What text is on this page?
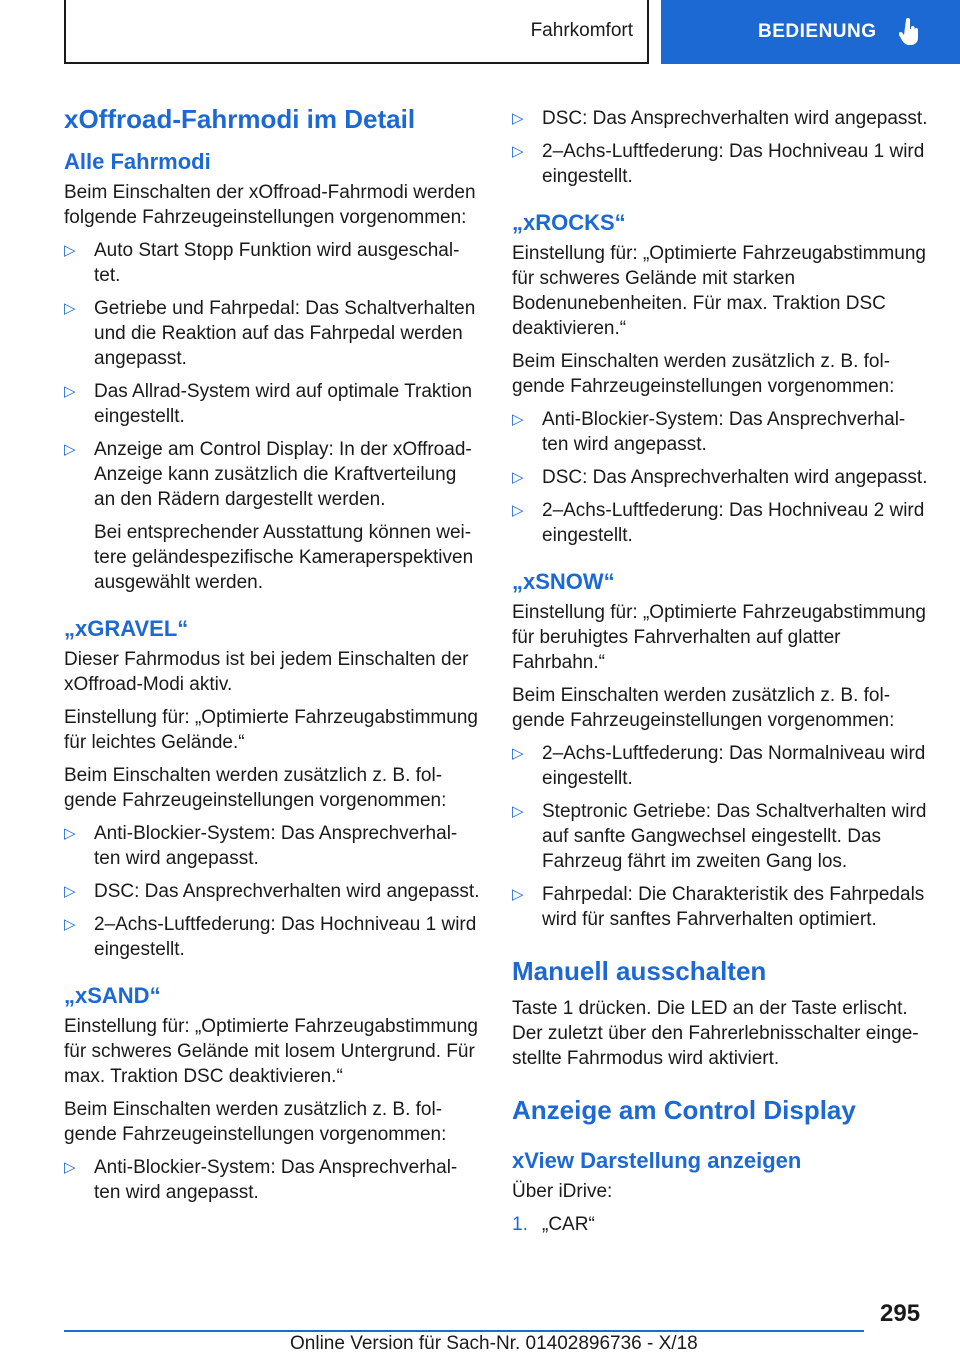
Fahrkomfort	BEDIENUNG
xOffroad-Fahrmodi im Detail
Alle Fahrmodi

Beim Einschalten der xOffroad-Fahrmodi werden folgende Fahrzeugeinstellungen vorgenommen:

▷ Auto Start Stopp Funktion wird ausgeschal-tet.
▷ Getriebe und Fahrpedal: Das Schaltverhalten und die Reaktion auf das Fahrpedal werden angepasst.
▷ Das Allrad-System wird auf optimale Traktion eingestellt.
▷ Anzeige am Control Display: In der xOffroad-Anzeige kann zusätzlich die Kraftverteilung an den Rädern dargestellt werden.

Bei entsprechender Ausstattung können wei-tere geländespezifische Kameraperspektiven ausgewählt werden.

„xGRAVEL“

Dieser Fahrmodus ist bei jedem Einschalten der xOffroad-Modi aktiv.

Einstellung für: „Optimierte Fahrzeugabstimmung für leichtes Gelände.“

Beim Einschalten werden zusätzlich z. B. fol-gende Fahrzeugeinstellungen vorgenommen:

▷ Anti-Blockier-System: Das Ansprechverhal-ten wird angepasst.
▷ DSC: Das Ansprechverhalten wird angepasst.
▷ 2–Achs-Luftfederung: Das Hochniveau 1 wird eingestellt.
„xSAND“

Einstellung für: „Optimierte Fahrzeugabstimmung für schweres Gelände mit losem Untergrund. Für max. Traktion DSC deaktivieren.“

Beim Einschalten werden zusätzlich z. B. fol-gende Fahrzeugeinstellungen vorgenommen:

▷ Anti-Blockier-System: Das Ansprechverhal-ten wird angepasst.
▷ DSC: Das Ansprechverhalten wird angepasst.
▷ 2–Achs-Luftfederung: Das Hochniveau 1 wird eingestellt.
„xROCKS“

Einstellung für: „Optimierte Fahrzeugabstimmung für schweres Gelände mit starken Bodenunebenheiten. Für max. Traktion DSC deaktivieren.“

Beim Einschalten werden zusätzlich z. B. fol-gende Fahrzeugeinstellungen vorgenommen:

▷ Anti-Blockier-System: Das Ansprechverhal-ten wird angepasst.
▷ DSC: Das Ansprechverhalten wird angepasst.
▷ 2–Achs-Luftfederung: Das Hochniveau 2 wird eingestellt.
„xSNOW“

Einstellung für: „Optimierte Fahrzeugabstimmung für beruhigtes Fahrverhalten auf glatter Fahrbahn.“

Beim Einschalten werden zusätzlich z. B. fol-gende Fahrzeugeinstellungen vorgenommen:

▷ 2–Achs-Luftfederung: Das Normalniveau wird eingestellt.
▷ Steptronic Getriebe: Das Schaltverhalten wird auf sanfte Gangwechsel eingestellt. Das Fahrzeug fährt im zweiten Gang los.
▷ Fahrpedal: Die Charakteristik des Fahrpedals wird für sanftes Fahrverhalten optimiert.
Manuell ausschalten

Taste 1 drücken. Die LED an der Taste erlischt. Der zuletzt über den Fahrerlebnisschalter einge-stellte Fahrmodus wird aktiviert.

Anzeige am Control Display
xView Darstellung anzeigen

Über iDrive:

1. „CAR“
295
Online Version für Sach-Nr. 01402896736 - X/18
